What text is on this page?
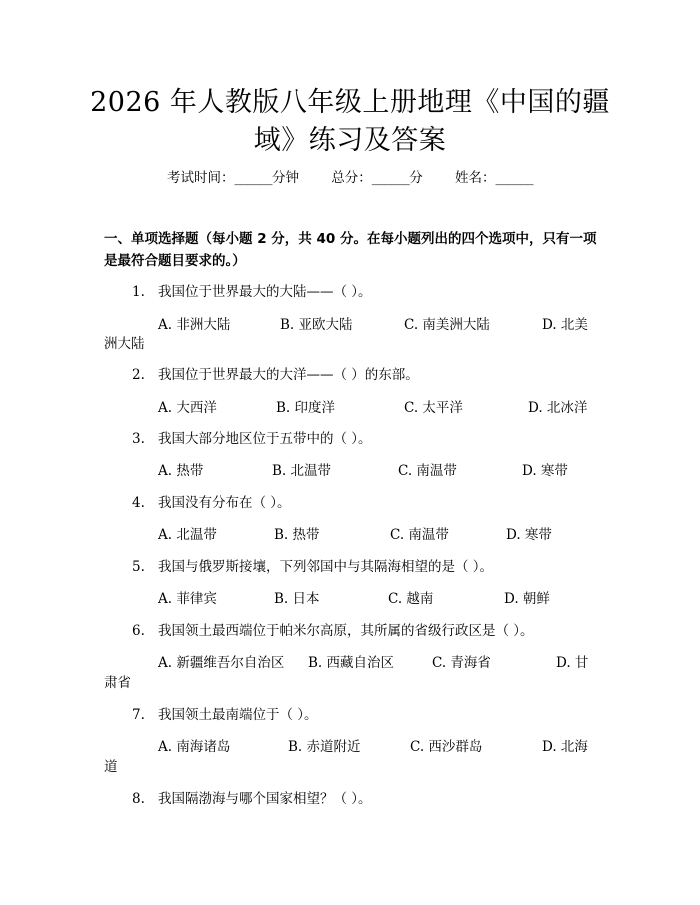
2026 年人教版八年级上册地理《中国的疆
域》练习及答案
考试时间：______分钟 总分：______分 姓名：______
一、单项选择题（每小题 2 分，共 40 分。在每小题列出的四个选项中，只有一项
是最符合题目要求的。）
1. 我国位于世界最大的大陆——（ ）。
A. 非洲大陆	B. 亚欧大陆	C. 南美洲大陆	D. 北美
洲大陆
2. 我国位于世界最大的大洋——（ ）的东部。
A. 大西洋	B. 印度洋	C. 太平洋	D. 北冰洋
3. 我国大部分地区位于五带中的（ ）。
A. 热带	B. 北温带	C. 南温带	D. 寒带
4. 我国没有分布在（ ）。
A. 北温带	B. 热带	C. 南温带	D. 寒带
5. 我国与俄罗斯接壤，下列邻国中与其隔海相望的是（ ）。
A. 菲律宾	B. 日本	C. 越南	D. 朝鲜
6. 我国领土最西端位于帕米尔高原，其所属的省级行政区是（ ）。
A. 新疆维吾尔自治区 B. 西藏自治区	C. 青海省	D. 甘
肃省
7. 我国领土最南端位于（ ）。
A. 南海诸岛	B. 赤道附近	C. 西沙群岛	D. 北海
道
8. 我国隔渤海与哪个国家相望？（ ）。
